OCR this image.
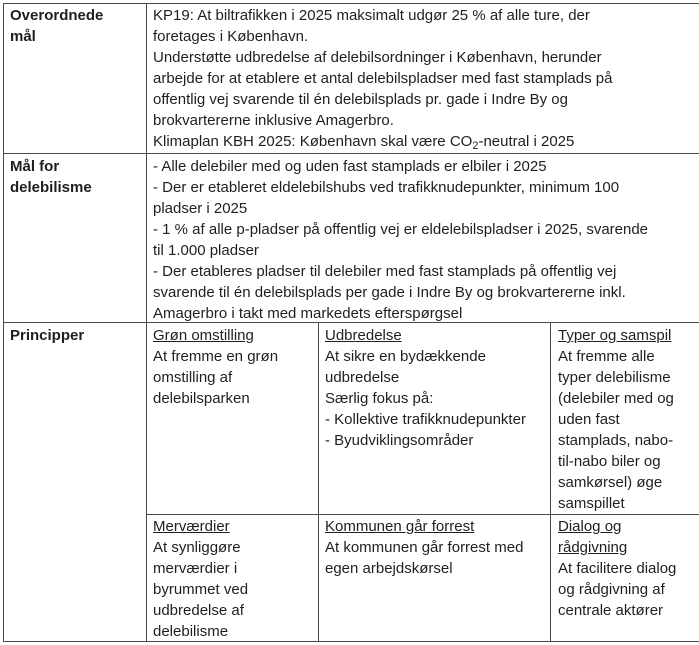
Overordnede
mål
KP19: At biltrafikken i 2025 maksimalt udgør 25 % af alle ture, der
foretages i København.
Understøtte udbredelse af delebilsordninger i København, herunder
arbejde for at etablere et antal delebilspladser med fast stamplads på
offentlig vej svarende til én delebilsplads pr. gade i Indre By og
brokvartererne inklusive Amagerbro.
Klimaplan KBH 2025: København skal være $CO_2$-neutral i 2025
Mål for
delebilisme
- Alle delebiler med og uden fast stamplads er elbiler i 2025
- Der er etableret eldelebilshubs ved trafikknudepunkter, minimum 100
pladser i 2025
- 1 % af alle p-pladser på offentlig vej er eldelebilspladser i 2025, svarende
til 1.000 pladser
- Der etableres pladser til delebiler med fast stamplads på offentlig vej
svarende til én delebilsplads per gade i Indre By og brokvartererne inkl.
Amagerbro i takt med markedets efterspørgsel
Principper	Grøn omstilling
At fremme en grøn
omstilling af
delebilsparken
Udbredelse
At sikre en bydækkende
udbredelse
Særlig fokus på:
- Kollektive trafikknudepunkter
- Byudviklingsområder
Typer og samspil
At fremme alle
typer delebilisme
(delebiler med og
uden fast
stamplads, nabo-
til-nabo biler og
samkørsel) øge
samspillet
Merværdier
At synliggøre
merværdier i
byrummet ved
udbredelse af
delebilisme
Kommunen går forrest
At kommunen går forrest med
egen arbejdskørsel
Dialog og
rådgivning
At facilitere dialog
og rådgivning af
centrale aktører
